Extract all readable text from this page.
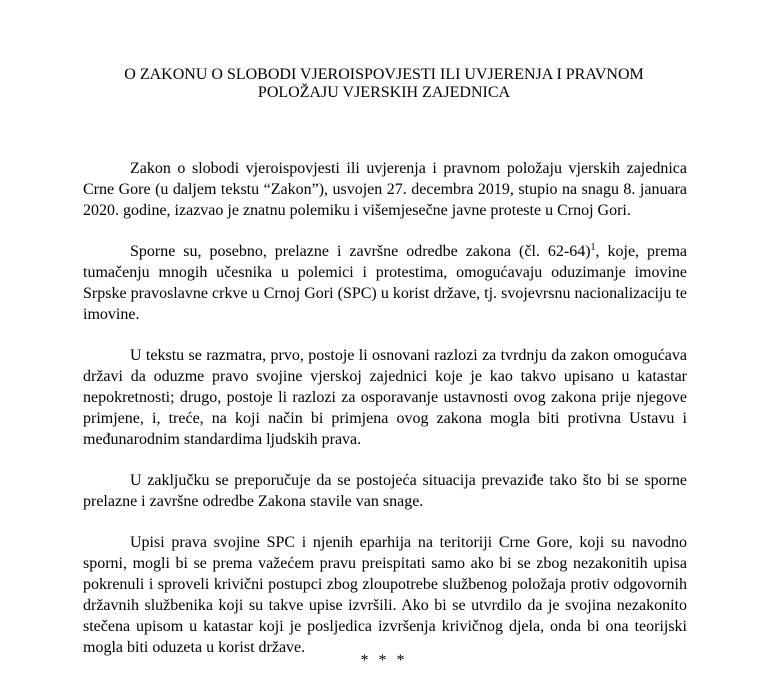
O ZAKONU O SLOBODI VJEROISPOVJESTI ILI UVJERENJA I PRAVNOM
POLOŽAJU VJERSKIH ZAJEDNICA

Zakon o slobodi vjeroispovjesti ili uvjerenja i pravnom položaju vjerskih zajednica Crne Gore (u daljem tekstu “Zakon”), usvojen 27. decembra 2019, stupio na snagu 8. januara 2020. godine, izazvao je znatnu polemiku i višemjesečne javne proteste u Crnoj Gori.

Sporne su, posebno, prelazne i završne odredbe zakona (čl. 62-64)$^1$, koje, prema tumačenju mnogih učesnika u polemici i protestima, omogućavaju oduzimanje imovine Srpske pravoslavne crkve u Crnoj Gori (SPC) u korist države, tj. svojevrsnu nacionalizaciju te imovine.

U tekstu se razmatra, prvo, postoje li osnovani razlozi za tvrdnju da zakon omogućava državi da oduzme pravo svojine vjerskoj zajednici koje je kao takvo upisano u katastar nepokretnosti; drugo, postoje li razlozi za osporavanje ustavnosti ovog zakona prije njegove primjene, i, treće, na koji način bi primjena ovog zakona mogla biti protivna Ustavu i međunarodnim standardima ljudskih prava.

U zaključku se preporučuje da se postojeća situacija prevaziđe tako što bi se sporne prelazne i završne odredbe Zakona stavile van snage.

Upisi prava svojine SPC i njenih eparhija na teritoriji Crne Gore, koji su navodno sporni, mogli bi se prema važećem pravu preispitati samo ako bi se zbog nezakonitih upisa pokrenuli i sproveli krivični postupci zbog zloupotrebe službenog položaja protiv odgovornih državnih službenika koji su takve upise izvršili. Ako bi se utvrdilo da je svojina nezakonito stečena upisom u katastar koji je posljedica izvršenja krivičnog djela, onda bi ona teorijski mogla biti oduzeta u korist države.

* * *
